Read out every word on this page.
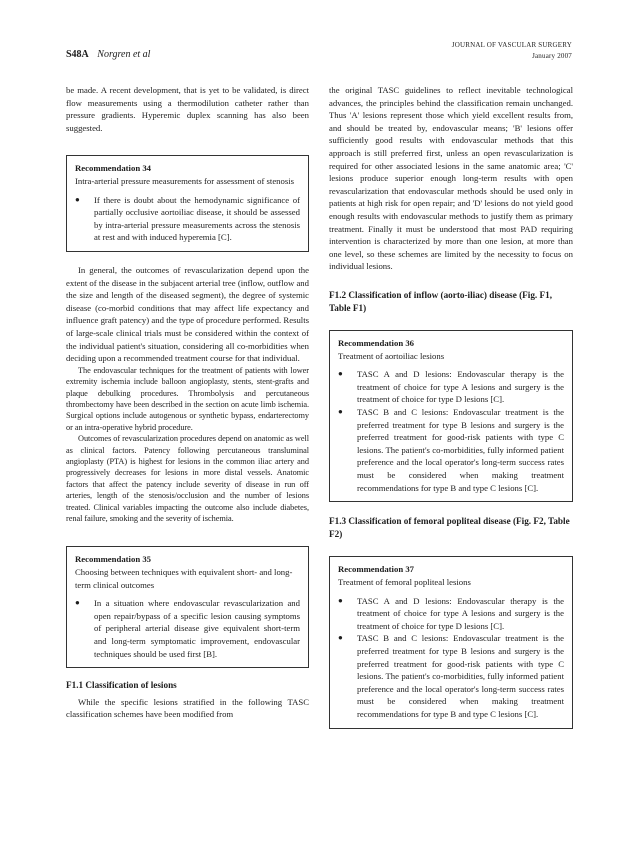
JOURNAL OF VASCULAR SURGERY
January 2007
S48A Norgren et al

be made. A recent development, that is yet to be validated, is direct flow measurements using a thermodilution catheter rather than pressure gradients. Hyperemic duplex scanning has also been suggested.

Recommendation 34
Intra-arterial pressure measurements for assessment of stenosis
● If there is doubt about the hemodynamic significance of partially occlusive aortoiliac disease, it should be assessed by intra-arterial pressure measurements across the stenosis at rest and with induced hyperemia [C].

In general, the outcomes of revascularization depend upon the extent of the disease in the subjacent arterial tree (inflow, outflow and the size and length of the diseased segment), the degree of systemic disease (co-morbid conditions that may affect life expectancy and influence graft patency) and the type of procedure performed. Results of large-scale clinical trials must be considered within the context of the individual patient's situation, considering all co-morbidities when deciding upon a recommended treatment course for that individual.

The endovascular techniques for the treatment of patients with lower extremity ischemia include balloon angioplasty, stents, stent-grafts and plaque debulking procedures. Thrombolysis and percutaneous thrombectomy have been described in the section on acute limb ischemia. Surgical options include autogenous or synthetic bypass, endarterectomy or an intra-operative hybrid procedure.

Outcomes of revascularization procedures depend on anatomic as well as clinical factors. Patency following percutaneous transluminal angioplasty (PTA) is highest for lesions in the common iliac artery and progressively decreases for lesions in more distal vessels. Anatomic factors that affect the patency include severity of disease in run off arteries, length of the stenosis/occlusion and the number of lesions treated. Clinical variables impacting the outcome also include diabetes, renal failure, smoking and the severity of ischemia.

Recommendation 35
Choosing between techniques with equivalent short- and long-term clinical outcomes
● In a situation where endovascular revascularization and open repair/bypass of a specific lesion causing symptoms of peripheral arterial disease give equivalent short-term and long-term symptomatic improvement, endovascular techniques should be used first [B].

F1.1 Classification of lesions

While the specific lesions stratified in the following TASC classification schemes have been modified from

the original TASC guidelines to reflect inevitable technological advances, the principles behind the classification remain unchanged. Thus 'A' lesions represent those which yield excellent results from, and should be treated by, endovascular means; 'B' lesions offer sufficiently good results with endovascular methods that this approach is still preferred first, unless an open revascularization is required for other associated lesions in the same anatomic area; 'C' lesions produce superior enough long-term results with open revascularization that endovascular methods should be used only in patients at high risk for open repair; and 'D' lesions do not yield good enough results with endovascular methods to justify them as primary treatment. Finally it must be understood that most PAD requiring intervention is characterized by more than one lesion, at more than one level, so these schemes are limited by the necessity to focus on individual lesions.

F1.2 Classification of inflow (aorto-iliac) disease (Fig. F1, Table F1)

Recommendation 36
Treatment of aortoiliac lesions
● TASC A and D lesions: Endovascular therapy is the treatment of choice for type A lesions and surgery is the treatment of choice for type D lesions [C].
● TASC B and C lesions: Endovascular treatment is the preferred treatment for type B lesions and surgery is the preferred treatment for good-risk patients with type C lesions. The patient's co-morbidities, fully informed patient preference and the local operator's long-term success rates must be considered when making treatment recommendations for type B and type C lesions [C].

F1.3 Classification of femoral popliteal disease (Fig. F2, Table F2)

Recommendation 37
Treatment of femoral popliteal lesions
● TASC A and D lesions: Endovascular therapy is the treatment of choice for type A lesions and surgery is the treatment of choice for type D lesions [C].
● TASC B and C lesions: Endovascular treatment is the preferred treatment for type B lesions and surgery is the preferred treatment for good-risk patients with type C lesions. The patient's co-morbidities, fully informed patient preference and the local operator's long-term success rates must be considered when making treatment recommendations for type B and type C lesions [C].
